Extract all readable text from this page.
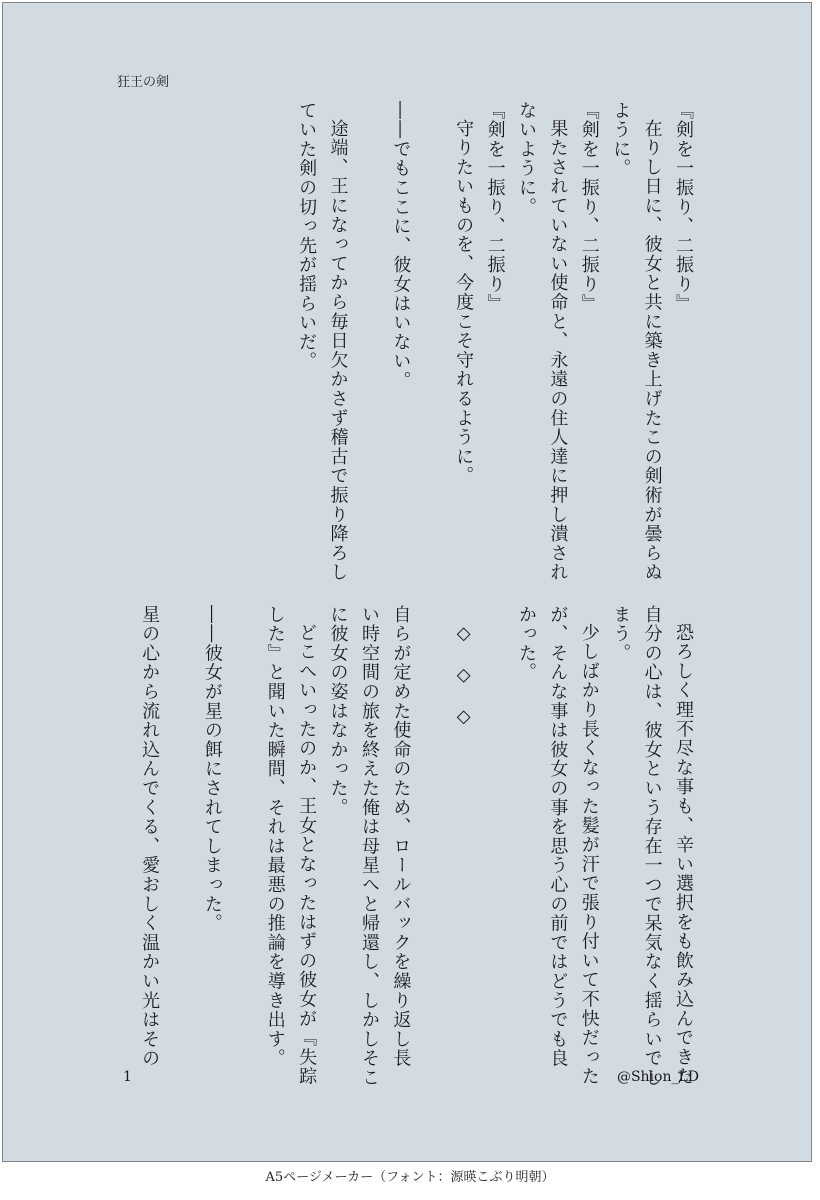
狂王の剣
『剣を一振り、二振り』
在りし日に、彼女と共に築き上げたこの剣術が曇らぬ
ように。
『剣を一振り、二振り』
果たされていない使命と、永遠の住人達に押し潰され
ないように。
『剣を一振り、二振り』
守りたいものを、今度こそ守れるように。
――でもここに、彼女はいない。
途端、王になってから毎日欠かさず稽古で振り降ろし
ていた剣の切っ先が揺らいだ。
恐ろしく理不尽な事も、辛い選択をも飲み込んできた
自分の心は、彼女という存在一つで呆気なく揺らいでし
まう。
少しばかり長くなった髪が汗で張り付いて不快だった
が、そんな事は彼女の事を思う心の前ではどうでも良
かった。
◇　◇　◇
自らが定めた使命のため、ロールバックを繰り返し長
い時空間の旅を終えた俺は母星へと帰還し、しかしそこ
に彼女の姿はなかった。
どこへいったのか、王女となったはずの彼女が『失踪
した』と聞いた瞬間、それは最悪の推論を導き出す。
――彼女が星の餌にされてしまった。
星の心から流れ込んでくる、愛おしく温かい光はその
1	@Shion_LD
A5ページメーカー（フォント：源暎こぶり明朝）
